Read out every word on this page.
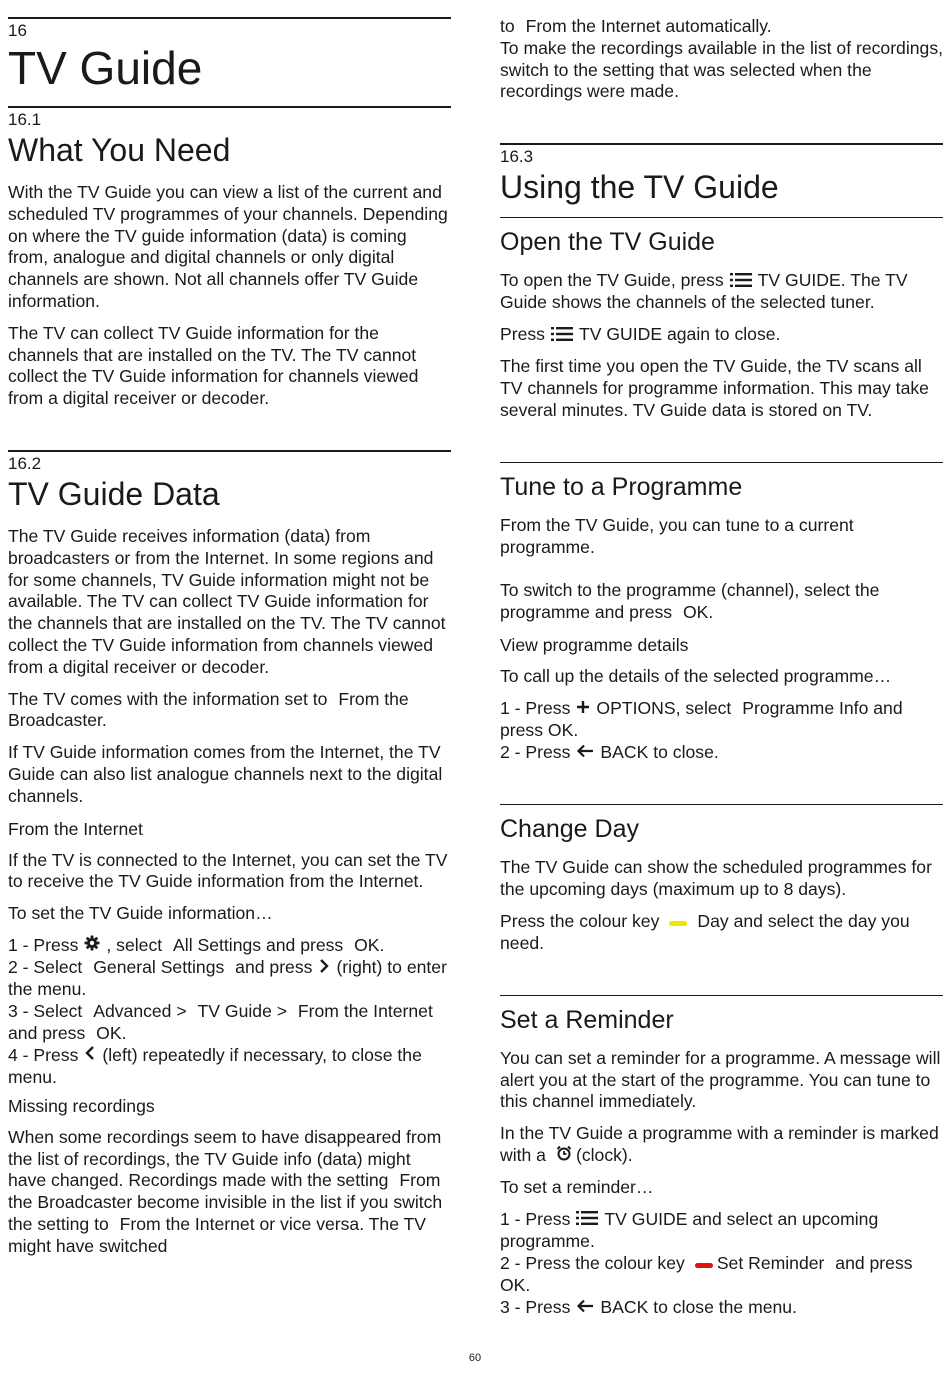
16
TV Guide
16.1
What You Need

With the TV Guide you can view a list of the current and scheduled TV programmes of your channels. Depending on where the TV guide information (data) is coming from, analogue and digital channels or only digital channels are shown. Not all channels offer TV Guide information.

The TV can collect TV Guide information for the channels that are installed on the TV. The TV cannot collect the TV Guide information for channels viewed from a digital receiver or decoder.

16.2
TV Guide Data

The TV Guide receives information (data) from broadcasters or from the Internet. In some regions and for some channels, TV Guide information might not be available. The TV can collect TV Guide information for the channels that are installed on the TV. The TV cannot collect the TV Guide information from channels viewed from a digital receiver or decoder.

The TV comes with the information set to From the Broadcaster.

If TV Guide information comes from the Internet, the TV Guide can also list analogue channels next to the digital channels.

From the Internet

If the TV is connected to the Internet, you can set the TV to receive the TV Guide information from the Internet.

To set the TV Guide information…

1 - Press , select All Settings and press OK.
2 - Select General Settings and press (right) to enter the menu.
3 - Select Advanced > TV Guide > From the Internet and press OK.
4 - Press (left) repeatedly if necessary, to close the menu.
Missing recordings

When some recordings seem to have disappeared from the list of recordings, the TV Guide info (data) might have changed. Recordings made with the setting From the Broadcaster become invisible in the list if you switch the setting to From the Internet or vice versa. The TV might have switched

to From the Internet automatically.

To make the recordings available in the list of recordings, switch to the setting that was selected when the recordings were made.

16.3
Using the TV Guide
Open the TV Guide

To open the TV Guide, press TV GUIDE. The TV Guide shows the channels of the selected tuner.

Press TV GUIDE again to close.

The first time you open the TV Guide, the TV scans all TV channels for programme information. This may take several minutes. TV Guide data is stored on TV.

Tune to a Programme

From the TV Guide, you can tune to a current programme.

To switch to the programme (channel), select the programme and press OK.

View programme details

To call up the details of the selected programme…

1 - Press OPTIONS, select Programme Info and press OK.
2 - Press BACK to close.
Change Day

The TV Guide can show the scheduled programmes for the upcoming days (maximum up to 8 days).

Press the colour key Day and select the day you need.

Set a Reminder

You can set a reminder for a programme. A message will alert you at the start of the programme. You can tune to this channel immediately.

In the TV Guide a programme with a reminder is marked with a (clock).

To set a reminder…

1 - Press TV GUIDE and select an upcoming programme.
2 - Press the colour key Set Reminder and press OK.
3 - Press BACK to close the menu.
60
